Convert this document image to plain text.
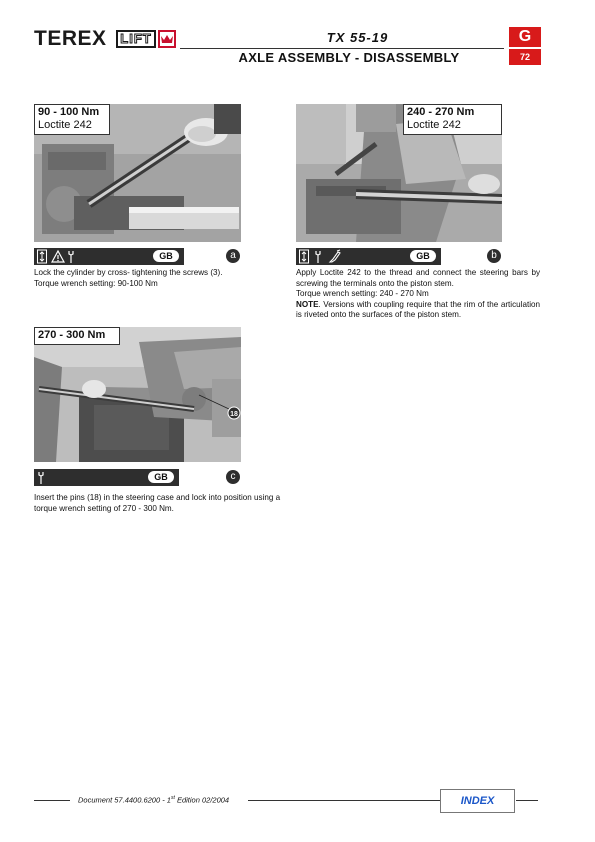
TEREX	LIFT	TX 55-19
AXLE ASSEMBLY - DISASSEMBLY
G
72
90 - 100 Nm
Loctite 242
GB	a

Lock the cylinder by cross- tightening the screws (3).

Torque wrench setting: 90-100 Nm

240 - 270 Nm
Loctite 242
GB	b

Apply Loctite 242 to the thread and connect the steering bars by screwing the terminals onto the piston stem.

Torque wrench setting: 240 - 270 Nm

NOTE. Versions with coupling require that the rim of the articulation is riveted onto the surfaces of the piston stem.

18
270 - 300 Nm
GB	c

Insert the pins (18) in the steering case and lock into position using a torque wrench setting of 270 - 300 Nm.

Document 57.4400.6200 - 1st Edition 02/2004	INDEX
